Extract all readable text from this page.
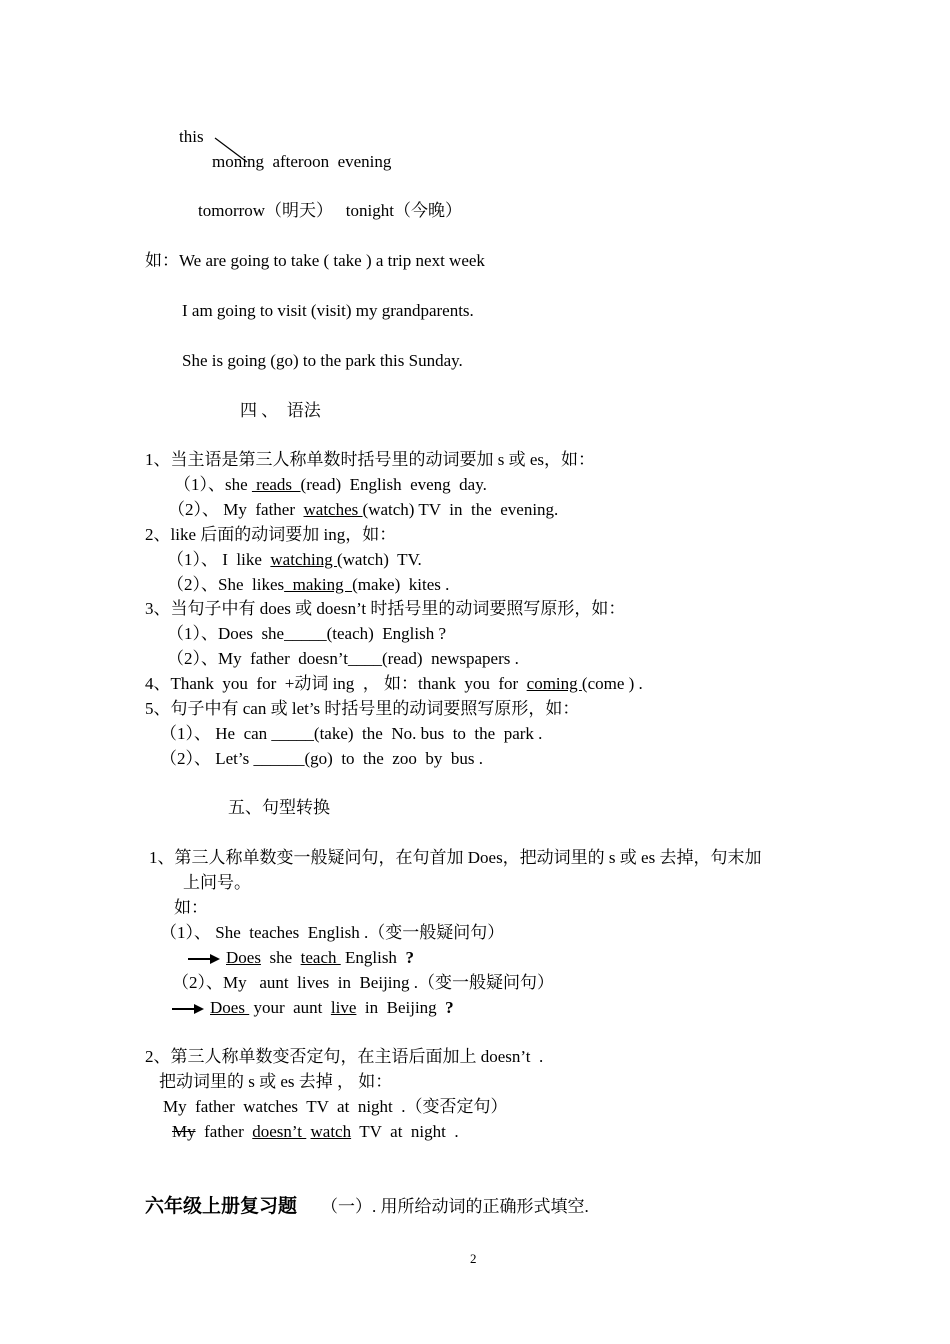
this
moning  afteroon  evening
tomorrow（明天）   tonight（今晚）
如：We are going to take ( take ) a trip next week
I am going to visit (visit) my grandparents.
She is going (go) to the park this Sunday.
四 、  语法
1、当主语是第三人称单数时括号里的动词要加 s 或 es，如：
（1）、she  reads  (read)  English  eveng  day.
（2）、 My  father  watches (watch) TV  in  the  evening.
2、like 后面的动词要加 ing，如：
（1）、 I  like  watching (watch)  TV.
（2）、She  likes  making  (make)  kites .
3、当句子中有 does 或 doesn’t 时括号里的动词要照写原形，如：
（1）、Does  she_____(teach)  English ?
（2）、My  father  doesn’t____(read)  newspapers .
4、Thank  you  for  +动词 ing  ， 如：thank  you  for  coming (come ) .
5、句子中有 can 或 let’s 时括号里的动词要照写原形，如：
（1）、 He  can _____(take)  the  No. bus  to  the  park .
（2）、 Let’s ______(go)  to  the  zoo  by  bus .
五、句型转换
1、第三人称单数变一般疑问句，在句首加 Does，把动词里的 s 或 es 去掉，句末加
上问号。
如：
（1）、 She  teaches  English .（变一般疑问句）
Does  she  teach  English  ?
（2）、My   aunt  lives  in  Beijing .（变一般疑问句）
Does  your  aunt  live  in  Beijing  ?
2、第三人称单数变否定句，在主语后面加上 doesn’t  .
把动词里的 s 或 es 去掉 ， 如：
My  father  watches  TV  at  night  .（变否定句）
My  father  doesn’t  watch  TV  at  night  .
六年级上册复习题 （一）. 用所给动词的正确形式填空.
2
